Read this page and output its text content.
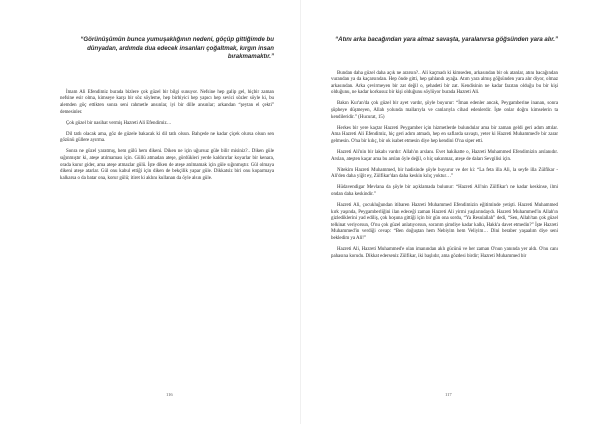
“Görünüşümün bunca yumuşaklığının nedeni, göçüp gittiğimde bu dünyadan, ardımda dua edecek insanları çoğaltmak, kırgın insan bırakmamaktır.”

İmam Ali Efendimiz burada bizlere çok güzel bir bilgi sunuyor. Nefsine hep galip gel, hiçbir zaman nefsine esir olma, kimseye karşı bir söz söyleme, hep birbiyici hep yapıcı hep sevici sözler söyle ki, bu alemden göç ettikten sonra seni rahmetle ansınlar, iyi bir dille ansınlar; arkandan “şeytan el çekti” demesinler.

Çok güzel bir nasihat vermiş Hazreti Ali Efendimiz…

Dil tatlı olacak ama, göz de güzele bakacak ki dil tatlı olsun. Bahçede ne kadar çiçek olursa olsun sen gözünü güllere ayırma.

Sonra ne güzel yaratmış, hem gülü hem dikeni. Diken ne için uğursuz güle bilir misiniz?.. Diken güle sığınmıştır ki, ateşe atılmaması için. Güllü atmadan ateşe, gördükleri yerde kaldırırlar koyarlar bir kenara, orada kurur gider, ama ateşe atmazlar gülü. İşte diken de ateşe atılmamak için güle sığınmıştır. Gül olmaya dikeni ateşe atarlar. Gül onu kabul ettiği için diken de bekçilik yapar güle. Dikkatsiz biri onu koparmaya kalkarsa o da batar ona, korur gülü; itiret ki aklını kullanan da öyle alsın güle.

116

“Atını arka bacağından yara almaz savaşta, yaralanırsa göğsünden yara alır.”

Bundan daha güzel daha açık ne ararsın?.. Ali kaçmadı ki kimseden, arkasından bir ok atanlar, atını bacağından vurandan ya da kaçarsından. Hep önde gitti, hep şahlandı ayağa. Atım yara almış göğsünden yara alır diyor, olmaz arkasından. Arka çevirmeyen bir zat değil o, şehadeti bir zat. Kendisinin ne kadar fazıtan olduğu bu bir kişi olduğunu, ne kadar korkusuz bir kişi olduğunu söylüyor burada Hazreti Ali.

Bakın Kur'an'da çok güzel bir ayet vardır, şöyle buyurur: “İman edenler ancak, Peygamberine inanan, sonra şüpheye düşmeyen, Allah yolunda mallarıyla ve canlarıyla cihad edenlerdir. İşte onlar doğru kimselerin ta kendileridir.” (Hucurat, 15)

Herkes bir yere kaçtar Hazreti Peygamber için hizmetlerde bulundular ama bir zaman geldi geri adım attılar. Ama Hazreti Ali Efendimiz, hiç geri adım atmadı, hep en saflarda savaştı, yeter ki Hazreti Muhammed'e bir zarar gelmesin. O'na bir kılıç, bir ok isabet etmesin diye hep kendini O'na siper etti.

Hazreti Ali'nin bir lakabı vardır: Allah'ın arslanı. Evet hakikatte o, Hazreti Muhammed Efendimizin arslanıdır. Arslan, ateşten kaçar ama bu arslan öyle değil, o hiç sakınmaz, ateşe de daları Sevgilisi için.

Nitekim Hazreti Muhammed, bir hadisinde şöyle buyurur ve der ki: “La feta illa Ali, la seyfe illa Zülfikar - Ali'den daha yiğit ey, Zülfikar'dan daha keskin kılıç yoktur…”

Hüdavendigar Mevlana da şöyle bir açıklamada bulunur: “Hazreti Ali'nin Zülfikar'ı ne kadar keskinse, ilmi ondan daha keskindir.”

Hazreti Ali, çocukluğundan itibaren Hazreti Muhammed Efendimizin eğitiminde yetişti. Hazreti Muhammed kırk yaşında, Peygamberliğini ilan edeceği zaman Hazreti Ali yirmi yaşlarındaydı. Hazreti Muhammed'in Allah'ın gizlediklerini yad ediliş, çok hoşuna gittiği için bir gün ona sordu, “Ya Resulallah” dedi, “Sen, Allah'tan çok güzel telkinat veriyorsun, O'nu çok güzel anlatıyorsun, sorarım şimdiye kadar kalkı, Hakk'a davet etmedin?” İşte Hazreti Muhammed'in verdiği cevap: “Ben doğuştan hem Nebiyim hem Veliyim… Dini beraber yaşaalım diye seni bekledim ya Ali!”

Hazreti Ali, Hazreti Muhammed'e olan imanından aklı gücünü ve her zaman O'nun yanında yer aldı. O'nu canı pahasına korudu. Dikkat ederseniz Zülfikar, iki başlıdır, ama gözdesi birdir; Hazreti Muhammed bir

117
